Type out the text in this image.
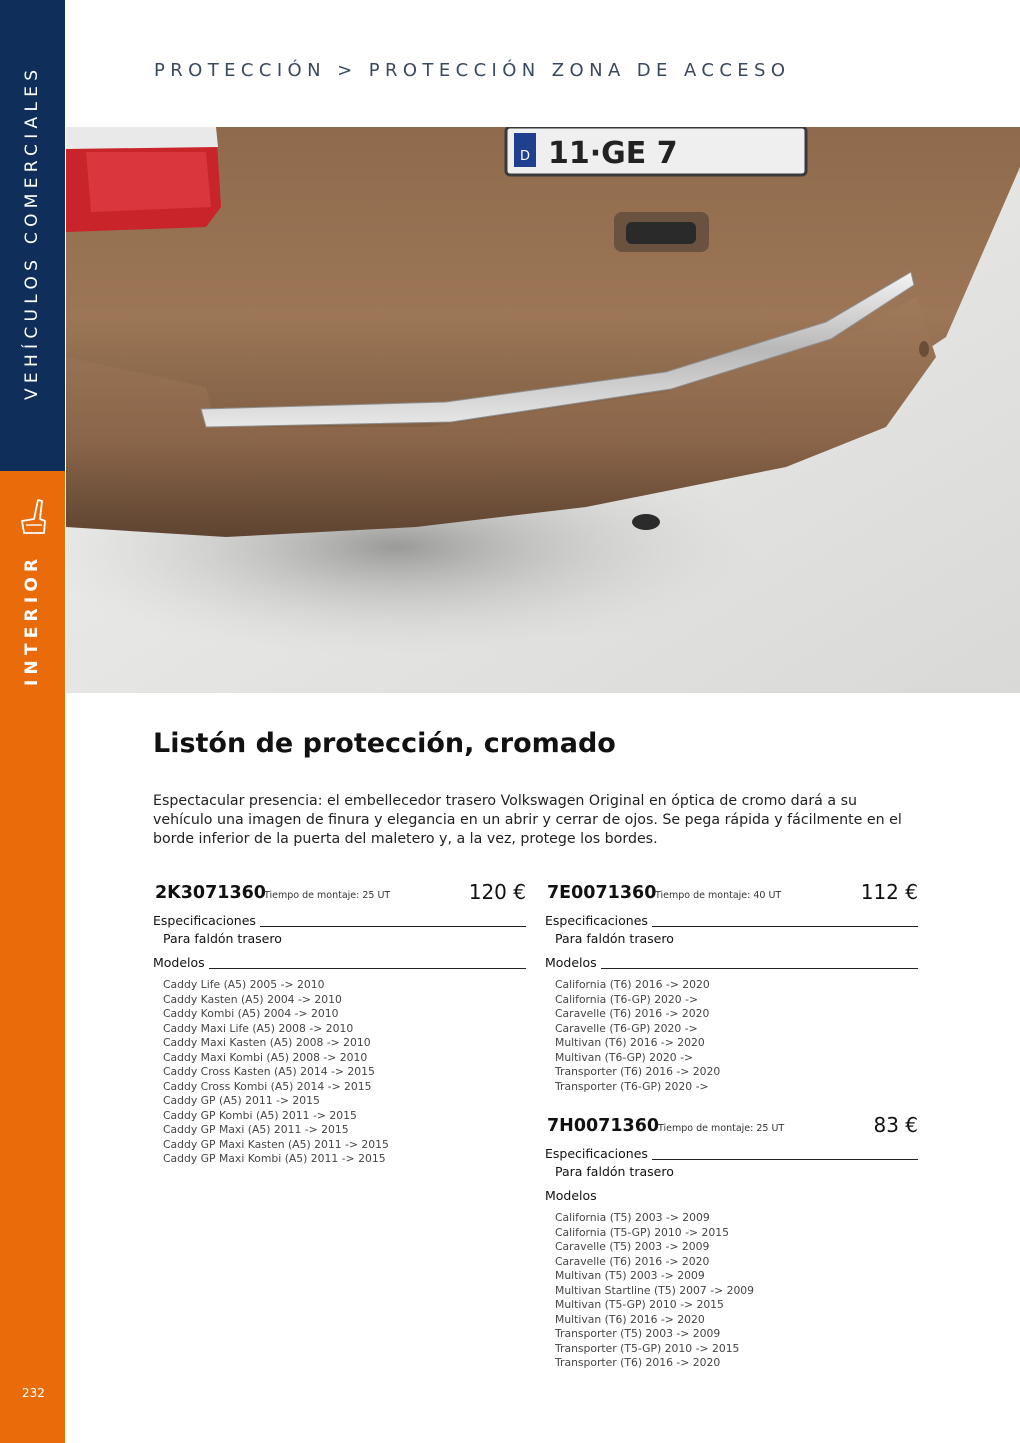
VEHÍCULOS COMERCIALES
INTERIOR
232
PROTECCIÓN > PROTECCIÓN ZONA DE ACCESO
D 11·GE 7
Listón de protección, cromado

Espectacular presencia: el embellecedor trasero Volkswagen Original en óptica de cromo dará a su vehículo una imagen de finura y elegancia en un abrir y cerrar de ojos. Se pega rápida y fácilmente en el borde inferior de la puerta del maletero y, a la vez, protege los bordes.

2K3071360
Tiempo de montaje: 25 UT	120 €
Especificaciones
Para faldón trasero
Modelos
Caddy Life (A5) 2005 -> 2010
Caddy Kasten (A5) 2004 -> 2010
Caddy Kombi (A5) 2004 -> 2010
Caddy Maxi Life (A5) 2008 -> 2010
Caddy Maxi Kasten (A5) 2008 -> 2010
Caddy Maxi Kombi (A5) 2008 -> 2010
Caddy Cross Kasten (A5) 2014 -> 2015
Caddy Cross Kombi (A5) 2014 -> 2015
Caddy GP (A5) 2011 -> 2015
Caddy GP Kombi (A5) 2011 -> 2015
Caddy GP Maxi (A5) 2011 -> 2015
Caddy GP Maxi Kasten (A5) 2011 -> 2015
Caddy GP Maxi Kombi (A5) 2011 -> 2015
7E0071360
Tiempo de montaje: 40 UT	112 €
Especificaciones
Para faldón trasero
Modelos
California (T6) 2016 -> 2020
California (T6-GP) 2020 ->
Caravelle (T6) 2016 -> 2020
Caravelle (T6-GP) 2020 ->
Multivan (T6) 2016 -> 2020
Multivan (T6-GP) 2020 ->
Transporter (T6) 2016 -> 2020
Transporter (T6-GP) 2020 ->
7H0071360
Tiempo de montaje: 25 UT	83 €
Especificaciones
Para faldón trasero
Modelos
California (T5) 2003 -> 2009
California (T5-GP) 2010 -> 2015
Caravelle (T5) 2003 -> 2009
Caravelle (T6) 2016 -> 2020
Multivan (T5) 2003 -> 2009
Multivan Startline (T5) 2007 -> 2009
Multivan (T5-GP) 2010 -> 2015
Multivan (T6) 2016 -> 2020
Transporter (T5) 2003 -> 2009
Transporter (T5-GP) 2010 -> 2015
Transporter (T6) 2016 -> 2020
